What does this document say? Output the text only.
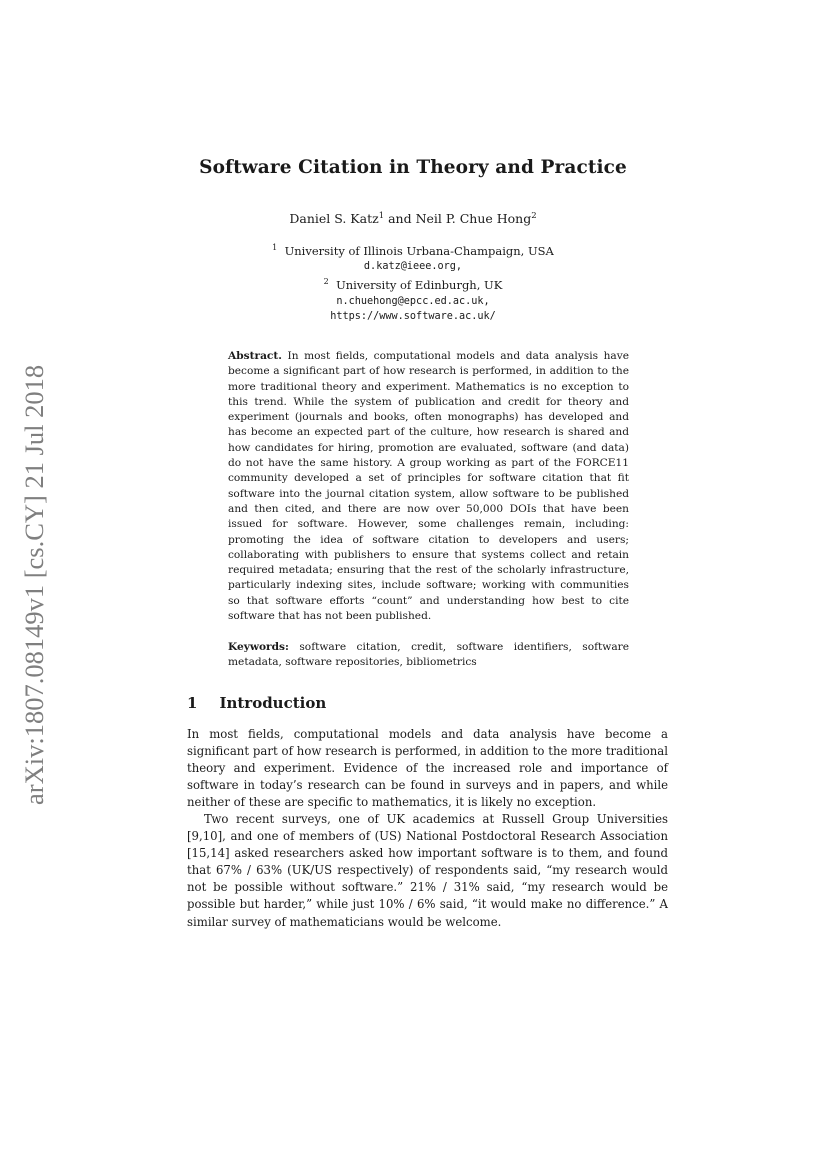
arXiv:1807.08149v1 [cs.CY] 21 Jul 2018
Software Citation in Theory and Practice
Daniel S. Katz$^1$ and Neil P. Chue Hong$^2$
$^1$ University of Illinois Urbana-Champaign, USA
d.katz@ieee.org,
$^2$ University of Edinburgh, UK
n.chuehong@epcc.ed.ac.uk,
https://www.software.ac.uk/
Abstract. In most fields, computational models and data analysis have become a significant part of how research is performed, in addition to the more traditional theory and experiment. Mathematics is no exception to this trend. While the system of publication and credit for theory and experiment (journals and books, often monographs) has developed and has become an expected part of the culture, how research is shared and how candidates for hiring, promotion are evaluated, software (and data) do not have the same history. A group working as part of the FORCE11 community developed a set of principles for software citation that fit software into the journal citation system, allow software to be published and then cited, and there are now over 50,000 DOIs that have been issued for software. However, some challenges remain, including: promoting the idea of software citation to developers and users; collaborating with publishers to ensure that systems collect and retain required metadata; ensuring that the rest of the scholarly infrastructure, particularly indexing sites, include software; working with communities so that software efforts “count” and understanding how best to cite software that has not been published.
Keywords: software citation, credit, software identifiers, software metadata, software repositories, bibliometrics
1 Introduction
In most fields, computational models and data analysis have become a significant part of how research is performed, in addition to the more traditional theory and experiment. Evidence of the increased role and importance of software in today’s research can be found in surveys and in papers, and while neither of these are specific to mathematics, it is likely no exception.
Two recent surveys, one of UK academics at Russell Group Universities [9,10], and one of members of (US) National Postdoctoral Research Association [15,14] asked researchers asked how important software is to them, and found that 67% / 63% (UK/US respectively) of respondents said, “my research would not be possible without software.” 21% / 31% said, “my research would be possible but harder,” while just 10% / 6% said, “it would make no difference.” A similar survey of mathematicians would be welcome.
